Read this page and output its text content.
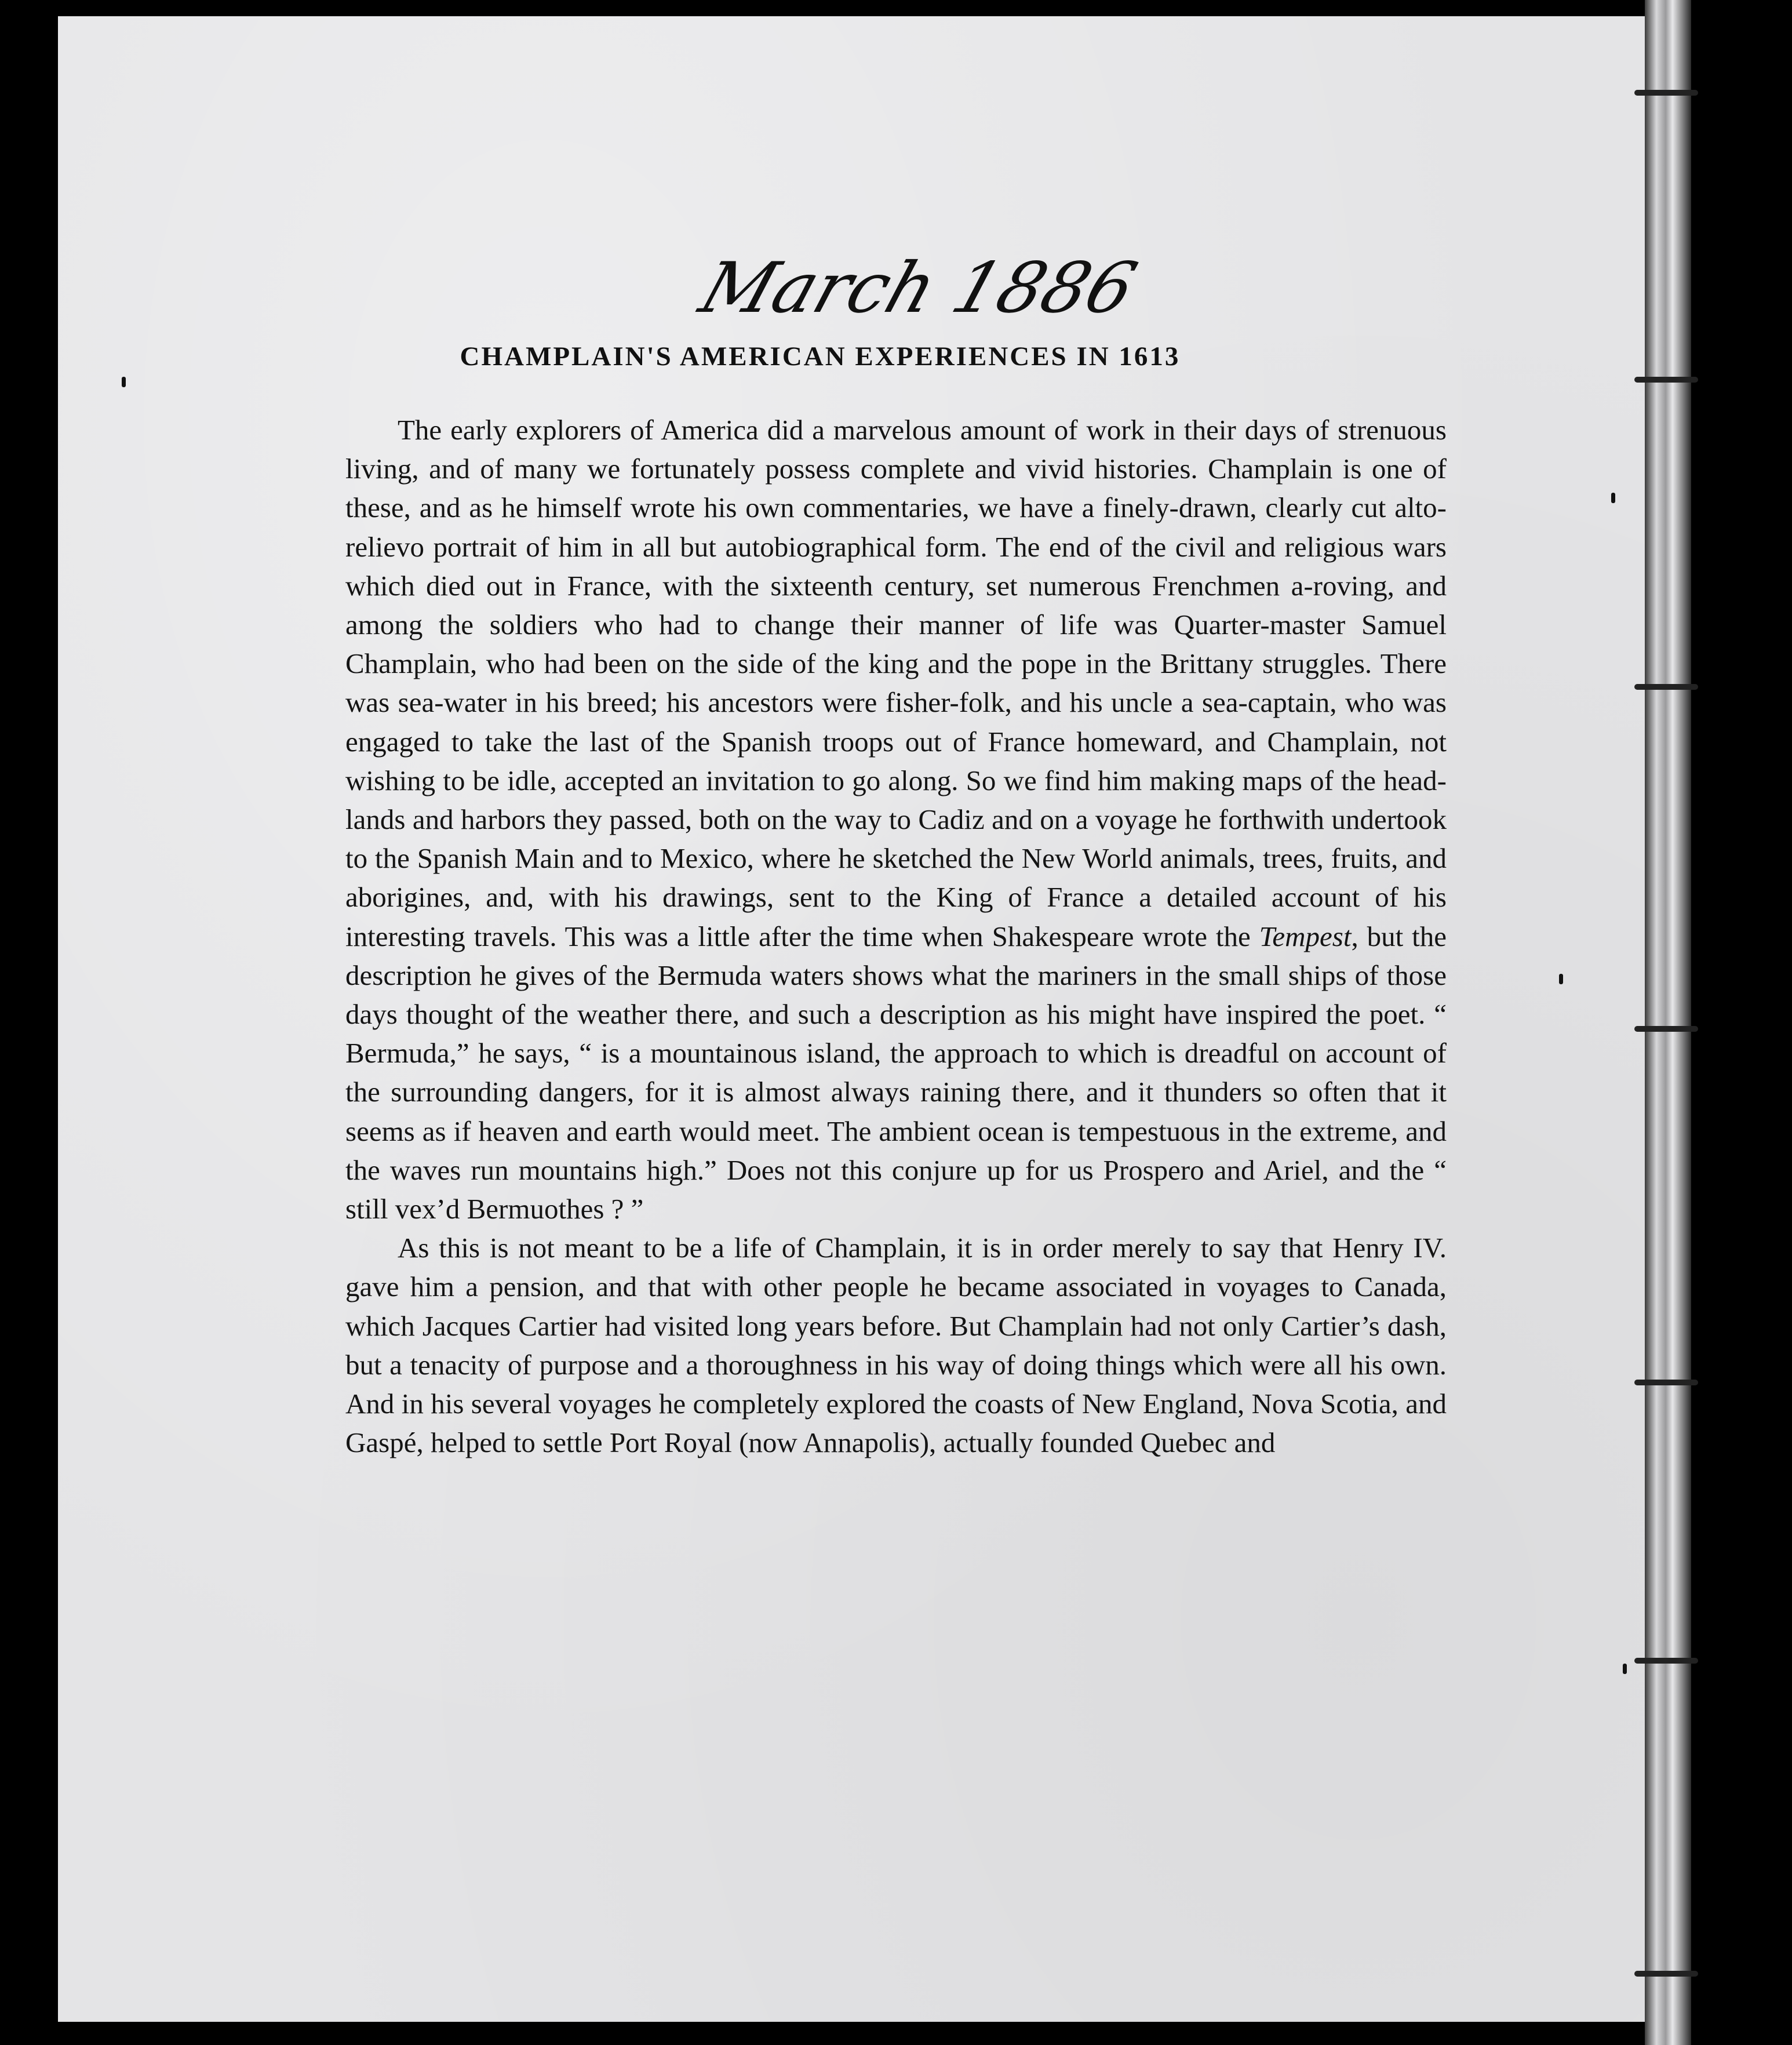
March 1886
CHAMPLAIN'S AMERICAN EXPERIENCES IN 1613

The early explorers of America did a marvelous amount of work in their days of strenuous living, and of many we fortunately possess complete and vivid histories. Champlain is one of these, and as he himself wrote his own commentaries, we have a finely-drawn, clearly cut alto-relievo portrait of him in all but autobiographical form. The end of the civil and religious wars which died out in France, with the sixteenth century, set numerous Frenchmen a-roving, and among the soldiers who had to change their manner of life was Quarter-master Samuel Champlain, who had been on the side of the king and the pope in the Brittany struggles. There was sea-water in his breed; his ancestors were fisher-folk, and his uncle a sea-captain, who was engaged to take the last of the Spanish troops out of France homeward, and Champlain, not wishing to be idle, accepted an invitation to go along. So we find him making maps of the head-lands and harbors they passed, both on the way to Cadiz and on a voyage he forthwith undertook to the Spanish Main and to Mexico, where he sketched the New World animals, trees, fruits, and aborigines, and, with his drawings, sent to the King of France a detailed account of his interesting travels. This was a little after the time when Shakespeare wrote the Tempest, but the description he gives of the Bermuda waters shows what the mariners in the small ships of those days thought of the weather there, and such a description as his might have inspired the poet. “ Bermuda,” he says, “ is a mountainous island, the approach to which is dreadful on account of the surrounding dangers, for it is almost always raining there, and it thunders so often that it seems as if heaven and earth would meet. The ambient ocean is tempestuous in the extreme, and the waves run mountains high.” Does not this conjure up for us Prospero and Ariel, and the “ still vex’d Bermuothes ? ”

As this is not meant to be a life of Champlain, it is in order merely to say that Henry IV. gave him a pension, and that with other people he became associated in voyages to Canada, which Jacques Cartier had visited long years before. But Champlain had not only Cartier’s dash, but a tenacity of purpose and a thoroughness in his way of doing things which were all his own. And in his several voyages he completely explored the coasts of New England, Nova Scotia, and Gaspé, helped to settle Port Royal (now Annapolis), actually founded Quebec and
